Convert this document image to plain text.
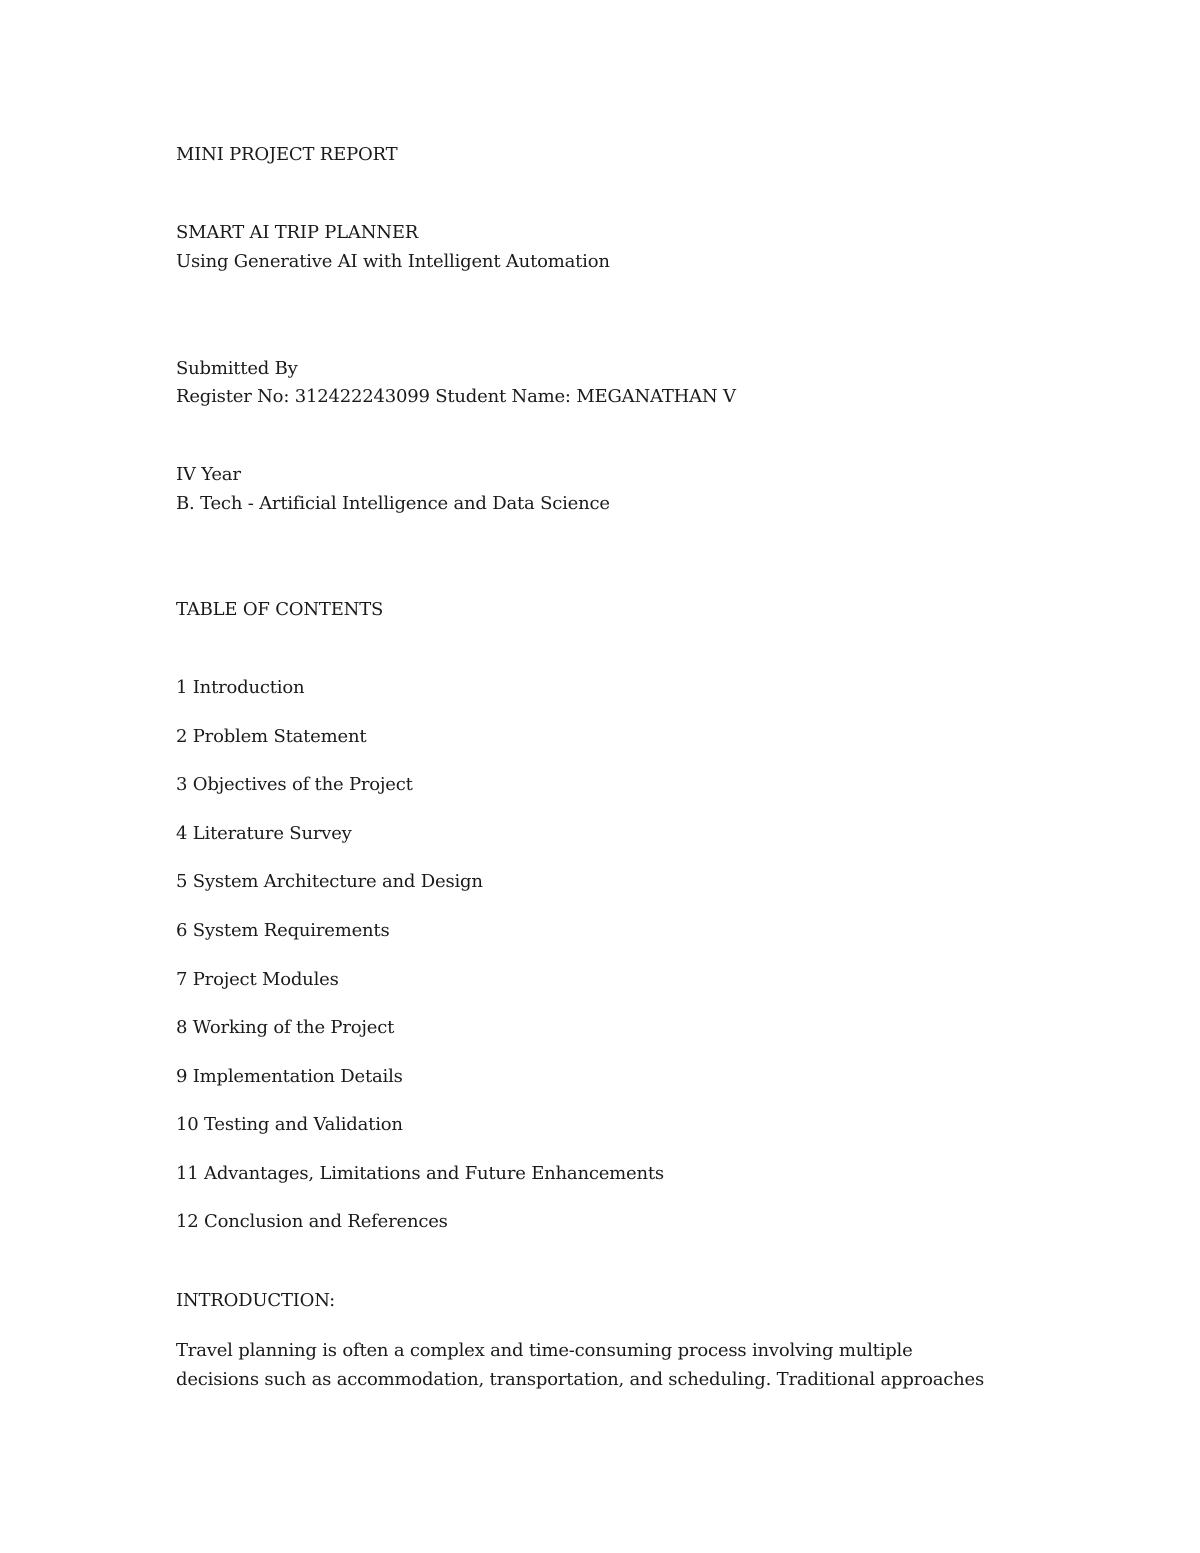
MINI PROJECT REPORT
SMART AI TRIP PLANNER
Using Generative AI with Intelligent Automation
Submitted By
Register No: 312422243099 Student Name: MEGANATHAN V
IV Year
B. Tech - Artificial Intelligence and Data Science
TABLE OF CONTENTS
1 Introduction
2 Problem Statement
3 Objectives of the Project
4 Literature Survey
5 System Architecture and Design
6 System Requirements
7 Project Modules
8 Working of the Project
9 Implementation Details
10 Testing and Validation
11 Advantages, Limitations and Future Enhancements
12 Conclusion and References
INTRODUCTION:

Travel planning is often a complex and time-consuming process involving multiple

decisions such as accommodation, transportation, and scheduling. Traditional approaches
